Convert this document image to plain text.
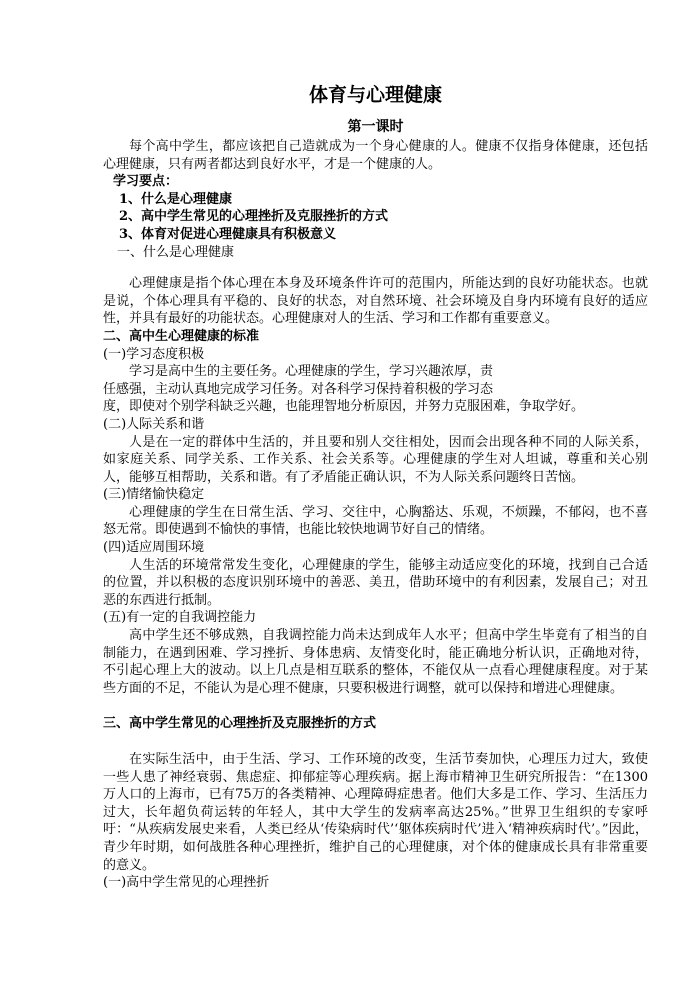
体育与心理健康
第一课时

每个高中学生，都应该把自己造就成为一个身心健康的人。健康不仅指身体健康，还包括心理健康，只有两者都达到良好水平，才是一个健康的人。

学习要点：
1、什么是心理健康
2、高中学生常见的心理挫折及克服挫折的方式
3、体育对促进心理健康具有积极意义
一、什么是心理健康

心理健康是指个体心理在本身及环境条件许可的范围内，所能达到的良好功能状态。也就是说，个体心理具有平稳的、良好的状态，对自然环境、社会环境及自身内环境有良好的适应性，并具有最好的功能状态。心理健康对人的生活、学习和工作都有重要意义。

二、高中生心理健康的标准
(一)学习态度积极
学习是高中生的主要任务。心理健康的学生，学习兴趣浓厚，责
任感强，主动认真地完成学习任务。对各科学习保持着积极的学习态
度，即使对个别学科缺乏兴趣，也能理智地分析原因，并努力克服困难，争取学好。
(二)人际关系和谐

人是在一定的群体中生活的，并且要和别人交往相处，因而会出现各种不同的人际关系，如家庭关系、同学关系、工作关系、社会关系等。心理健康的学生对人坦诚，尊重和关心别人，能够互相帮助，关系和谐。有了矛盾能正确认识，不为人际关系问题终日苦恼。

(三)情绪愉快稳定

心理健康的学生在日常生活、学习、交往中，心胸豁达、乐观，不烦躁，不郁闷，也不喜怒无常。即使遇到不愉快的事情，也能比较快地调节好自己的情绪。

(四)适应周围环境

人生活的环境常常发生变化，心理健康的学生，能够主动适应变化的环境，找到自己合适的位置，并以积极的态度识别环境中的善恶、美丑，借助环境中的有利因素，发展自己；对丑恶的东西进行抵制。

(五)有一定的自我调控能力

高中学生还不够成熟，自我调控能力尚未达到成年人水平；但高中学生毕竟有了相当的自制能力，在遇到困难、学习挫折、身体患病、友情变化时，能正确地分析认识，正确地对待，不引起心理上大的波动。以上几点是相互联系的整体，不能仅从一点看心理健康程度。对于某些方面的不足，不能认为是心理不健康，只要积极进行调整，就可以保持和增进心理健康。

三、高中学生常见的心理挫折及克服挫折的方式

在实际生活中，由于生活、学习、工作环境的改变，生活节奏加快，心理压力过大，致使一些人患了神经衰弱、焦虑症、抑郁症等心理疾病。据上海市精神卫生研究所报告：“在1300万人口的上海市，已有75万的各类精神、心理障碍症患者。他们大多是工作、学习、生活压力过大，长年超负荷运转的年轻人，其中大学生的发病率高达25%。”世界卫生组织的专家呼吁：“从疾病发展史来看，人类已经从‘传染病时代’‘躯体疾病时代’进入‘精神疾病时代’。”因此，青少年时期，如何战胜各种心理挫折，维护自己的心理健康，对个体的健康成长具有非常重要的意义。

(一)高中学生常见的心理挫折
